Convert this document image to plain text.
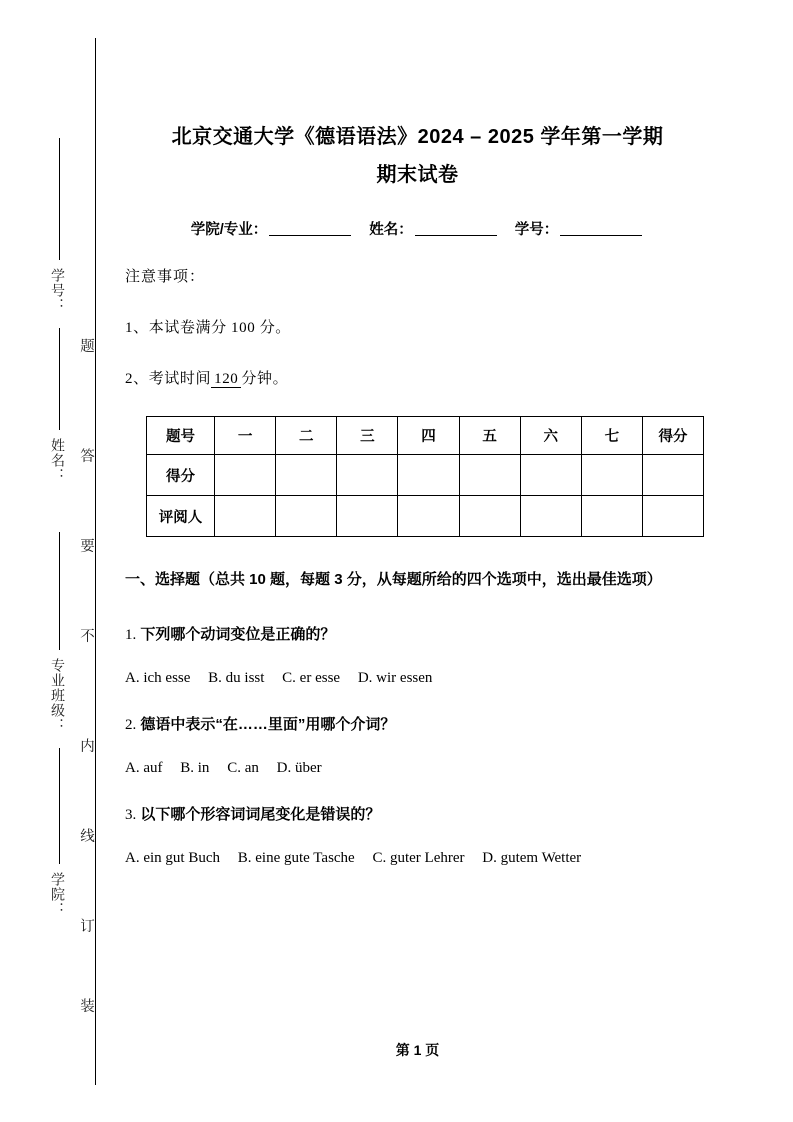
学号：
姓名：
专业班级：
学院：
题
答
要
不
内
线
订
装
北京交通大学《德语语法》2024 – 2025 学年第一学期
期末试卷
学院/专业：	姓名：	学号：

注意事项：

1、本试卷满分 100 分。

2、考试时间 120 分钟。

题号	一	二	三	四	五	六	七	得分
得分								
评阅人								

一、选择题（总共 10 题，每题 3 分，从每题所给的四个选项中，选出最佳选项）

1. 下列哪个动词变位是正确的？

A. ich esse B. du isst C. er esse D. wir essen

2. 德语中表示“在……里面”用哪个介词？

A. auf B. in C. an D. über

3. 以下哪个形容词词尾变化是错误的？

A. ein gut Buch B. eine gute Tasche C. guter Lehrer D. gutem Wetter

第 1 页
